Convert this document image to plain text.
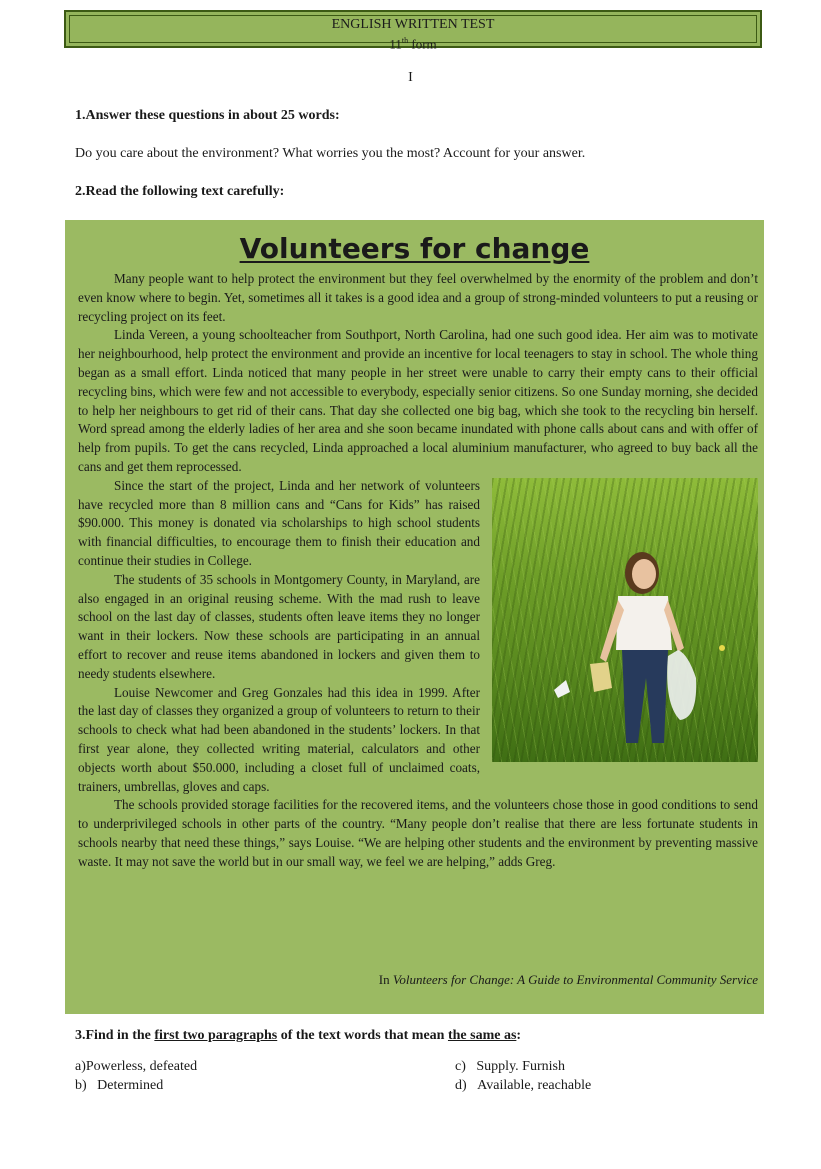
ENGLISH WRITTEN TEST
11th form
I
1.Answer these questions in about 25 words:
Do you care about the environment? What worries you the most? Account for your answer.
2.Read the following text carefully:
Volunteers for change

Many people want to help protect the environment but they feel overwhelmed by the enormity of the problem and don’t even know where to begin. Yet, sometimes all it takes is a good idea and a group of strong-minded volunteers to put a reusing or recycling project on its feet.

Linda Vereen, a young schoolteacher from Southport, North Carolina, had one such good idea. Her aim was to motivate her neighbourhood, help protect the environment and provide an incentive for local teenagers to stay in school. The whole thing began as a small effort. Linda noticed that many people in her street were unable to carry their empty cans to their official recycling bins, which were few and not accessible to everybody, especially senior citizens. So one Sunday morning, she decided to help her neighbours to get rid of their cans. That day she collected one big bag, which she took to the recycling bin herself. Word spread among the elderly ladies of her area and she soon became inundated with phone calls about cans and with offer of help from pupils. To get the cans recycled, Linda approached a local aluminium manufacturer, who agreed to buy back all the cans and get them reprocessed.

Since the start of the project, Linda and her network of volunteers have recycled more than 8 million cans and “Cans for Kids” has raised $90.000. This money is donated via scholarships to high school students with financial difficulties, to encourage them to finish their education and continue their studies in College.

The students of 35 schools in Montgomery County, in Maryland, are also engaged in an original reusing scheme. With the mad rush to leave school on the last day of classes, students often leave items they no longer want in their lockers. Now these schools are participating in an annual effort to recover and reuse items abandoned in lockers and given them to needy students elsewhere.

Louise Newcomer and Greg Gonzales had this idea in 1999. After the last day of classes they organized a group of volunteers to return to their schools to check what had been abandoned in the students’ lockers. In that first year alone, they collected writing material, calculators and other objects worth about $50.000, including a closet full of unclaimed coats, trainers, umbrellas, gloves and caps.

The schools provided storage facilities for the recovered items, and the volunteers chose those in good conditions to send to underprivileged schools in other parts of the country. “Many people don’t realise that there are less fortunate students in schools nearby that need these things,” says Louise. “We are helping other students and the environment by preventing massive waste. It may not save the world but in our small way, we feel we are helping,” adds Greg.

In Volunteers for Change: A Guide to Environmental Community Service
3.Find in the first two paragraphs of the text words that mean the same as:
a)Powerless, defeated
b) Determined
c) Supply. Furnish
d) Available, reachable
